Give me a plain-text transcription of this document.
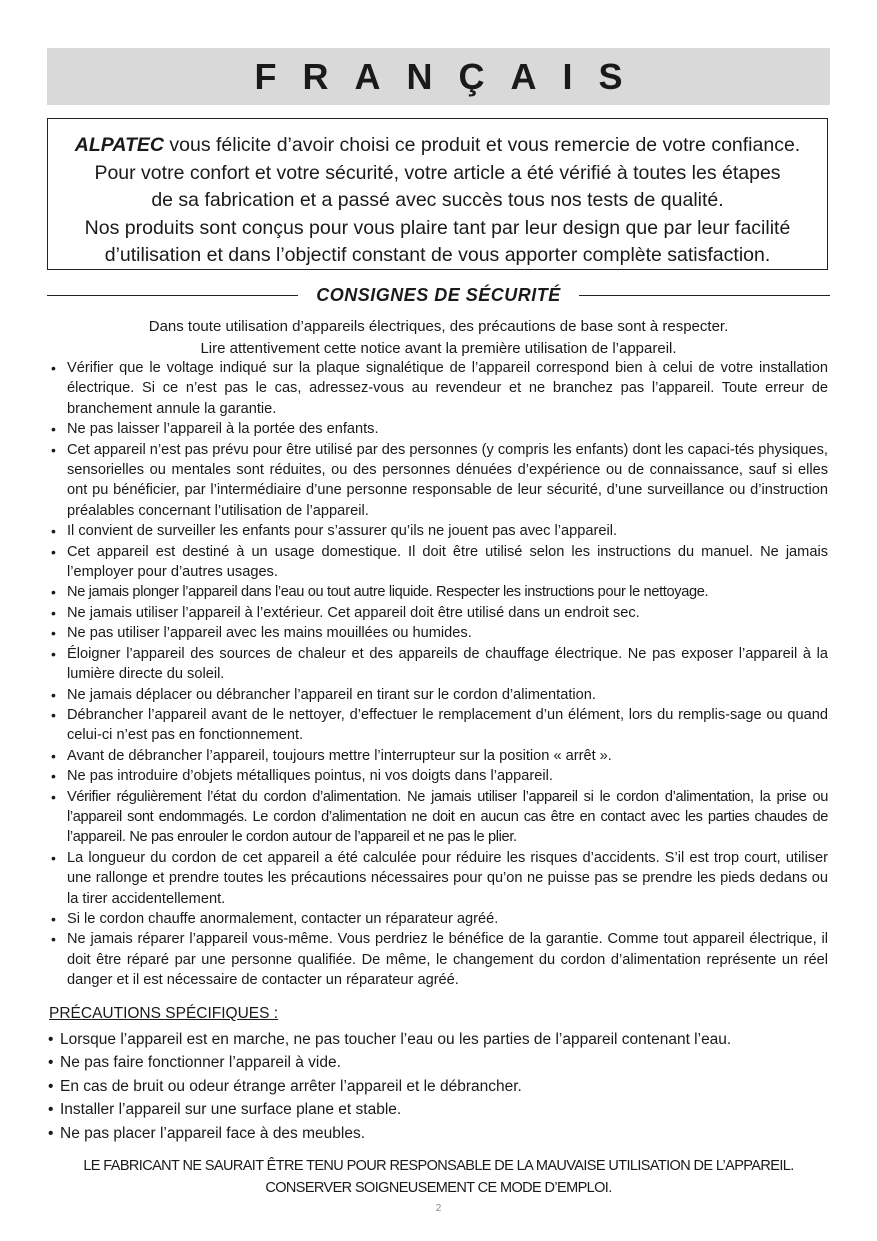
FRANÇAIS
ALPATEC vous félicite d’avoir choisi ce produit et vous remercie de votre confiance.
Pour votre confort et votre sécurité, votre article a été vérifié à toutes les étapes
de sa fabrication et a passé avec succès tous nos tests de qualité.
Nos produits sont conçus pour vous plaire tant par leur design que par leur facilité
d’utilisation et dans l’objectif constant de vous apporter complète satisfaction.
CONSIGNES DE SÉCURITÉ
Dans toute utilisation d’appareils électriques, des précautions de base sont à respecter.
Lire attentivement cette notice avant la première utilisation de l’appareil.
• Vérifier que le voltage indiqué sur la plaque signalétique de l’appareil correspond bien à celui de votre installation électrique. Si ce n’est pas le cas, adressez-vous au revendeur et ne branchez pas l’appareil. Toute erreur de branchement annule la garantie.
• Ne pas laisser l’appareil à la portée des enfants.
• Cet appareil n’est pas prévu pour être utilisé par des personnes (y compris les enfants) dont les capaci-tés physiques, sensorielles ou mentales sont réduites, ou des personnes dénuées d’expérience ou de connaissance, sauf si elles ont pu bénéficier, par l’intermédiaire d’une personne responsable de leur sécurité, d’une surveillance ou d’instruction préalables concernant l’utilisation de l’appareil.
• Il convient de surveiller les enfants pour s’assurer qu’ils ne jouent pas avec l’appareil.
• Cet appareil est destiné à un usage domestique. Il doit être utilisé selon les instructions du manuel. Ne jamais l’employer pour d’autres usages.
• Ne jamais plonger l’appareil dans l’eau ou tout autre liquide. Respecter les instructions pour le nettoyage.
• Ne jamais utiliser l’appareil à l’extérieur. Cet appareil doit être utilisé dans un endroit sec.
• Ne pas utiliser l’appareil avec les mains mouillées ou humides.
• Éloigner l’appareil des sources de chaleur et des appareils de chauffage électrique. Ne pas exposer l’appareil à la lumière directe du soleil.
• Ne jamais déplacer ou débrancher l’appareil en tirant sur le cordon d’alimentation.
• Débrancher l’appareil avant de le nettoyer, d’effectuer le remplacement d’un élément, lors du remplis-sage ou quand celui-ci n’est pas en fonctionnement.
• Avant de débrancher l’appareil, toujours mettre l’interrupteur sur la position « arrêt ».
• Ne pas introduire d’objets métalliques pointus, ni vos doigts dans l’appareil.
• Vérifier régulièrement l’état du cordon d’alimentation. Ne jamais utiliser l’appareil si le cordon d’alimentation, la prise ou l’appareil sont endommagés. Le cordon d’alimentation ne doit en aucun cas être en contact avec les parties chaudes de l’appareil. Ne pas enrouler le cordon autour de l’appareil et ne pas le plier.
• La longueur du cordon de cet appareil a été calculée pour réduire les risques d’accidents. S’il est trop court, utiliser une rallonge et prendre toutes les précautions nécessaires pour qu’on ne puisse pas se prendre les pieds dedans ou la tirer accidentellement.
• Si le cordon chauffe anormalement, contacter un réparateur agréé.
• Ne jamais réparer l’appareil vous-même. Vous perdriez le bénéfice de la garantie. Comme tout appareil électrique, il doit être réparé par une personne qualifiée. De même, le changement du cordon d’alimentation représente un réel danger et il est nécessaire de contacter un réparateur agréé.
PRÉCAUTIONS SPÉCIFIQUES :
• Lorsque l’appareil est en marche, ne pas toucher l’eau ou les parties de l’appareil contenant l’eau.
• Ne pas faire fonctionner l’appareil à vide.
• En cas de bruit ou odeur étrange arrêter l’appareil et le débrancher.
• Installer l’appareil sur une surface plane et stable.
• Ne pas placer l’appareil face à des meubles.
LE FABRICANT NE SAURAIT ÊTRE TENU POUR RESPONSABLE DE LA MAUVAISE UTILISATION DE L’APPAREIL.
CONSERVER SOIGNEUSEMENT CE MODE D’EMPLOI.
2
